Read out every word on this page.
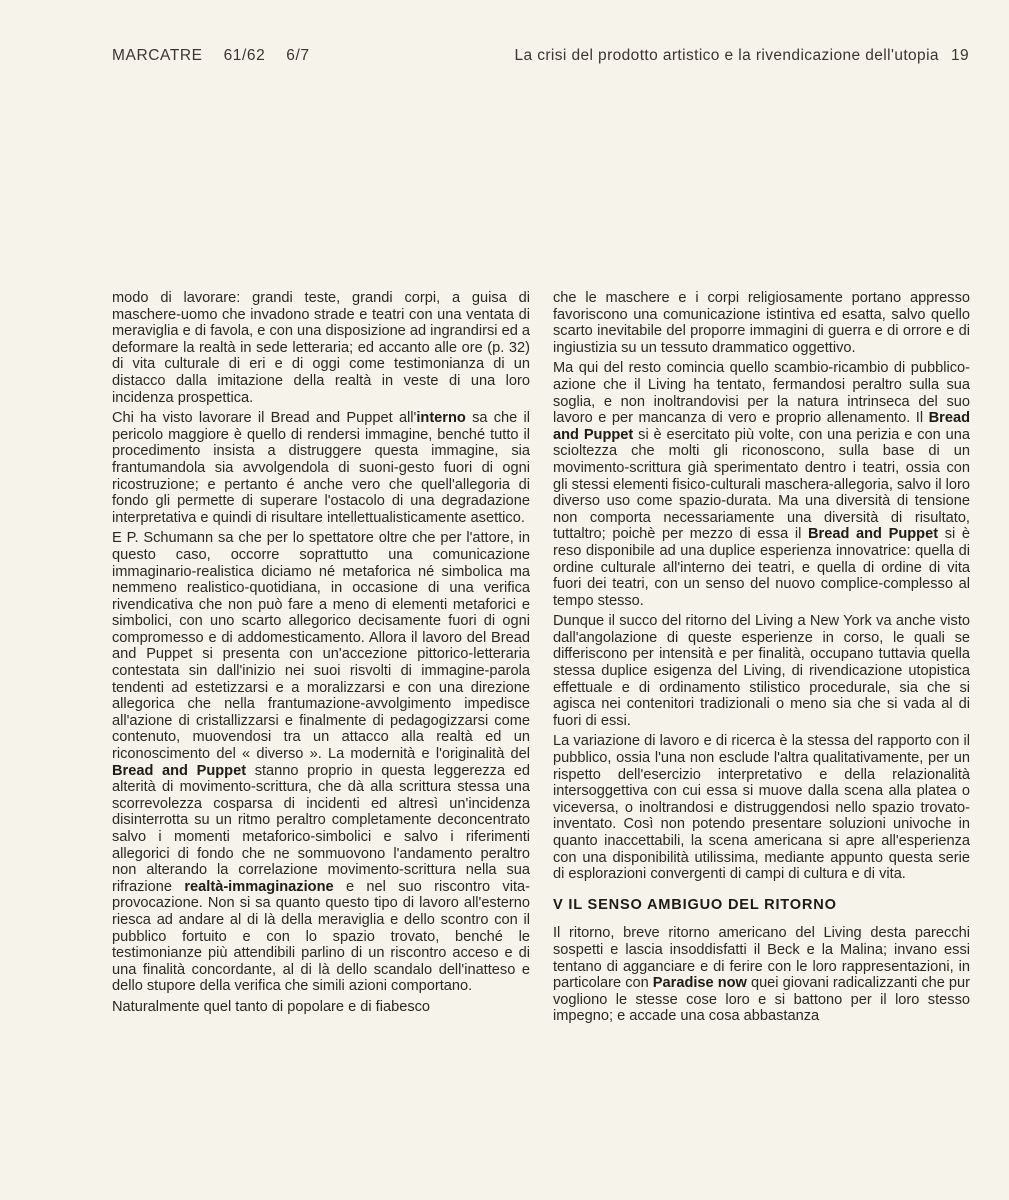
MARCATRE 61/62 6/7	La crisi del prodotto artistico e la rivendicazione dell'utopia 19

modo di lavorare: grandi teste, grandi corpi, a guisa di maschere-uomo che invadono strade e teatri con una ventata di meraviglia e di favola, e con una disposizione ad ingrandirsi ed a deformare la realtà in sede letteraria; ed accanto alle ore (p. 32) di vita culturale di eri e di oggi come testimonianza di un distacco dalla imitazione della realtà in veste di una loro incidenza prospettica.

Chi ha visto lavorare il Bread and Puppet all'interno sa che il pericolo maggiore è quello di rendersi immagine, benché tutto il procedimento insista a distruggere questa immagine, sia frantumandola sia avvolgendola di suoni-gesto fuori di ogni ricostruzione; e pertanto é anche vero che quell'allegoria di fondo gli permette di superare l'ostacolo di una degradazione interpretativa e quindi di risultare intellettualisticamente asettico.

E P. Schumann sa che per lo spettatore oltre che per l'attore, in questo caso, occorre soprattutto una comunicazione immaginario-realistica diciamo né metaforica né simbolica ma nemmeno realistico-quotidiana, in occasione di una verifica rivendicativa che non può fare a meno di elementi metaforici e simbolici, con uno scarto allegorico decisamente fuori di ogni compromesso e di addomesticamento. Allora il lavoro del Bread and Puppet si presenta con un'accezione pittorico-letteraria contestata sin dall'inizio nei suoi risvolti di immagine-parola tendenti ad estetizzarsi e a moralizzarsi e con una direzione allegorica che nella frantumazione-avvolgimento impedisce all'azione di cristallizzarsi e finalmente di pedagogizzarsi come contenuto, muovendosi tra un attacco alla realtà ed un riconoscimento del « diverso ». La modernità e l'originalità del Bread and Puppet stanno proprio in questa leggerezza ed alterità di movimento-scrittura, che dà alla scrittura stessa una scorrevolezza cosparsa di incidenti ed altresì un'incidenza disinterrotta su un ritmo peraltro completamente deconcentrato salvo i momenti metaforico-simbolici e salvo i riferimenti allegorici di fondo che ne sommuovono l'andamento peraltro non alterando la correlazione movimento-scrittura nella sua rifrazione realtà-immaginazione e nel suo riscontro vita-provocazione. Non si sa quanto questo tipo di lavoro all'esterno riesca ad andare al di là della meraviglia e dello scontro con il pubblico fortuito e con lo spazio trovato, benché le testimonianze più attendibili parlino di un riscontro acceso e di una finalità concordante, al di là dello scandalo dell'inatteso e dello stupore della verifica che simili azioni comportano.

Naturalmente quel tanto di popolare e di fiabesco

che le maschere e i corpi religiosamente portano appresso favoriscono una comunicazione istintiva ed esatta, salvo quello scarto inevitabile del proporre immagini di guerra e di orrore e di ingiustizia su un tessuto drammatico oggettivo.

Ma qui del resto comincia quello scambio-ricambio di pubblico-azione che il Living ha tentato, fermandosi peraltro sulla sua soglia, e non inoltrandovisi per la natura intrinseca del suo lavoro e per mancanza di vero e proprio allenamento. Il Bread and Puppet si è esercitato più volte, con una perizia e con una scioltezza che molti gli riconoscono, sulla base di un movimento-scrittura già sperimentato dentro i teatri, ossia con gli stessi elementi fisico-culturali maschera-allegoria, salvo il loro diverso uso come spazio-durata. Ma una diversità di tensione non comporta necessariamente una diversità di risultato, tuttaltro; poichè per mezzo di essa il Bread and Puppet si è reso disponibile ad una duplice esperienza innovatrice: quella di ordine culturale all'interno dei teatri, e quella di ordine di vita fuori dei teatri, con un senso del nuovo complice-complesso al tempo stesso.

Dunque il succo del ritorno del Living a New York va anche visto dall'angolazione di queste esperienze in corso, le quali se differiscono per intensità e per finalità, occupano tuttavia quella stessa duplice esigenza del Living, di rivendicazione utopistica effettuale e di ordinamento stilistico procedurale, sia che si agisca nei contenitori tradizionali o meno sia che si vada al di fuori di essi.

La variazione di lavoro e di ricerca è la stessa del rapporto con il pubblico, ossia l'una non esclude l'altra qualitativamente, per un rispetto dell'esercizio interpretativo e della relazionalità intersoggettiva con cui essa si muove dalla scena alla platea o viceversa, o inoltrandosi e distruggendosi nello spazio trovato-inventato. Così non potendo presentare soluzioni univoche in quanto inaccettabili, la scena americana si apre all'esperienza con una disponibilità utilissima, mediante appunto questa serie di esplorazioni convergenti di campi di cultura e di vita.

V IL SENSO AMBIGUO DEL RITORNO

Il ritorno, breve ritorno americano del Living desta parecchi sospetti e lascia insoddisfatti il Beck e la Malina; invano essi tentano di agganciare e di ferire con le loro rappresentazioni, in particolare con Paradise now quei giovani radicalizzanti che pur vogliono le stesse cose loro e si battono per il loro stesso impegno; e accade una cosa abbastanza
